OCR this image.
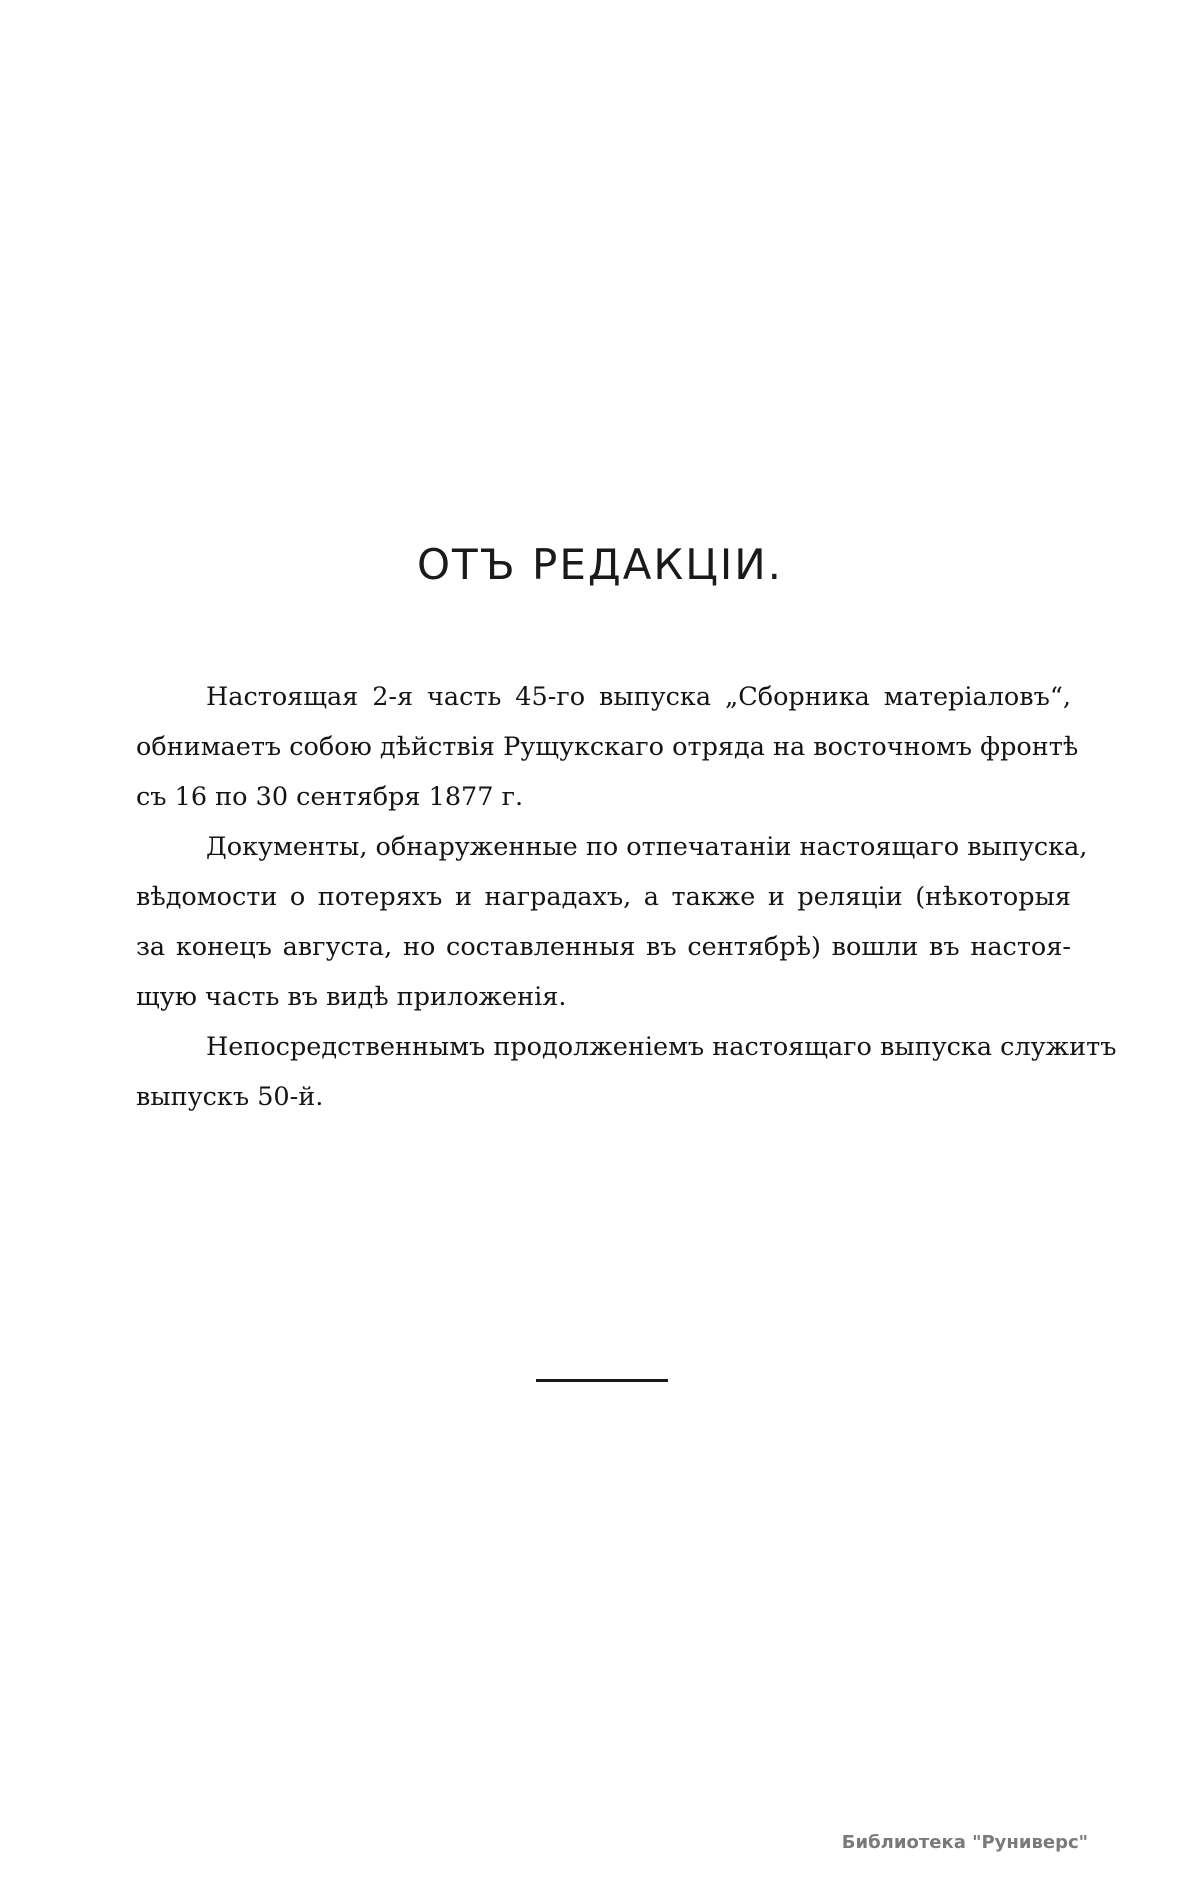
ОТЪ РЕДАКЦІИ.
Настоящая 2-я часть 45-го выпуска „Сборника матеріаловъ“,
обнимаетъ собою дѣйствія Рущукскаго отряда на восточномъ фронтѣ
съ 16 по 30 сентября 1877 г.
Документы, обнаруженные по отпечатаніи настоящаго выпуска,
вѣдомости о потеряхъ и наградахъ, а также и реляціи (нѣкоторыя
за конецъ августа, но составленныя въ сентябрѣ) вошли въ настоя-
щую часть въ видѣ приложенія.
Непосредственнымъ продолженіемъ настоящаго выпуска служитъ
выпускъ 50-й.
Библиотека "Руниверс"
